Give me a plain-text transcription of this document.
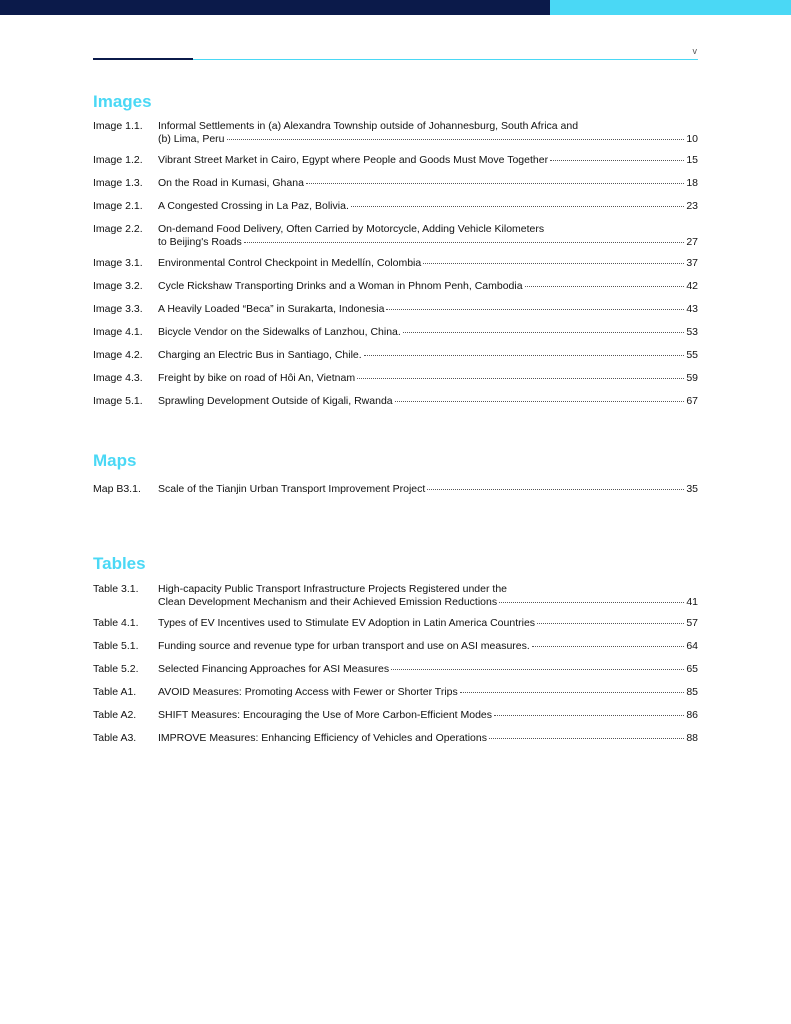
v
Images
Image 1.1.	Informal Settlements in (a) Alexandra Township outside of Johannesburg, South Africa and
(b) Lima, Peru	10
Image 1.2.	Vibrant Street Market in Cairo, Egypt where People and Goods Must Move Together	15
Image 1.3.	On the Road in Kumasi, Ghana	18
Image 2.1.	A Congested Crossing in La Paz, Bolivia.	23
Image 2.2.	On-demand Food Delivery, Often Carried by Motorcycle, Adding Vehicle Kilometers
to Beijing's Roads	27
Image 3.1.	Environmental Control Checkpoint in Medellín, Colombia	37
Image 3.2.	Cycle Rickshaw Transporting Drinks and a Woman in Phnom Penh, Cambodia	42
Image 3.3.	A Heavily Loaded “Beca” in Surakarta, Indonesia	43
Image 4.1.	Bicycle Vendor on the Sidewalks of Lanzhou, China.	53
Image 4.2.	Charging an Electric Bus in Santiago, Chile.	55
Image 4.3.	Freight by bike on road of Hôi An, Vietnam	59
Image 5.1.	Sprawling Development Outside of Kigali, Rwanda	67
Maps
Map B3.1.	Scale of the Tianjin Urban Transport Improvement Project	35
Tables
Table 3.1.	High-capacity Public Transport Infrastructure Projects Registered under the
Clean Development Mechanism and their Achieved Emission Reductions	41
Table 4.1.	Types of EV Incentives used to Stimulate EV Adoption in Latin America Countries	57
Table 5.1.	Funding source and revenue type for urban transport and use on ASI measures.	64
Table 5.2.	Selected Financing Approaches for ASI Measures	65
Table A1.	AVOID Measures: Promoting Access with Fewer or Shorter Trips	85
Table A2.	SHIFT Measures: Encouraging the Use of More Carbon-Efficient Modes	86
Table A3.	IMPROVE Measures: Enhancing Efficiency of Vehicles and Operations	88
